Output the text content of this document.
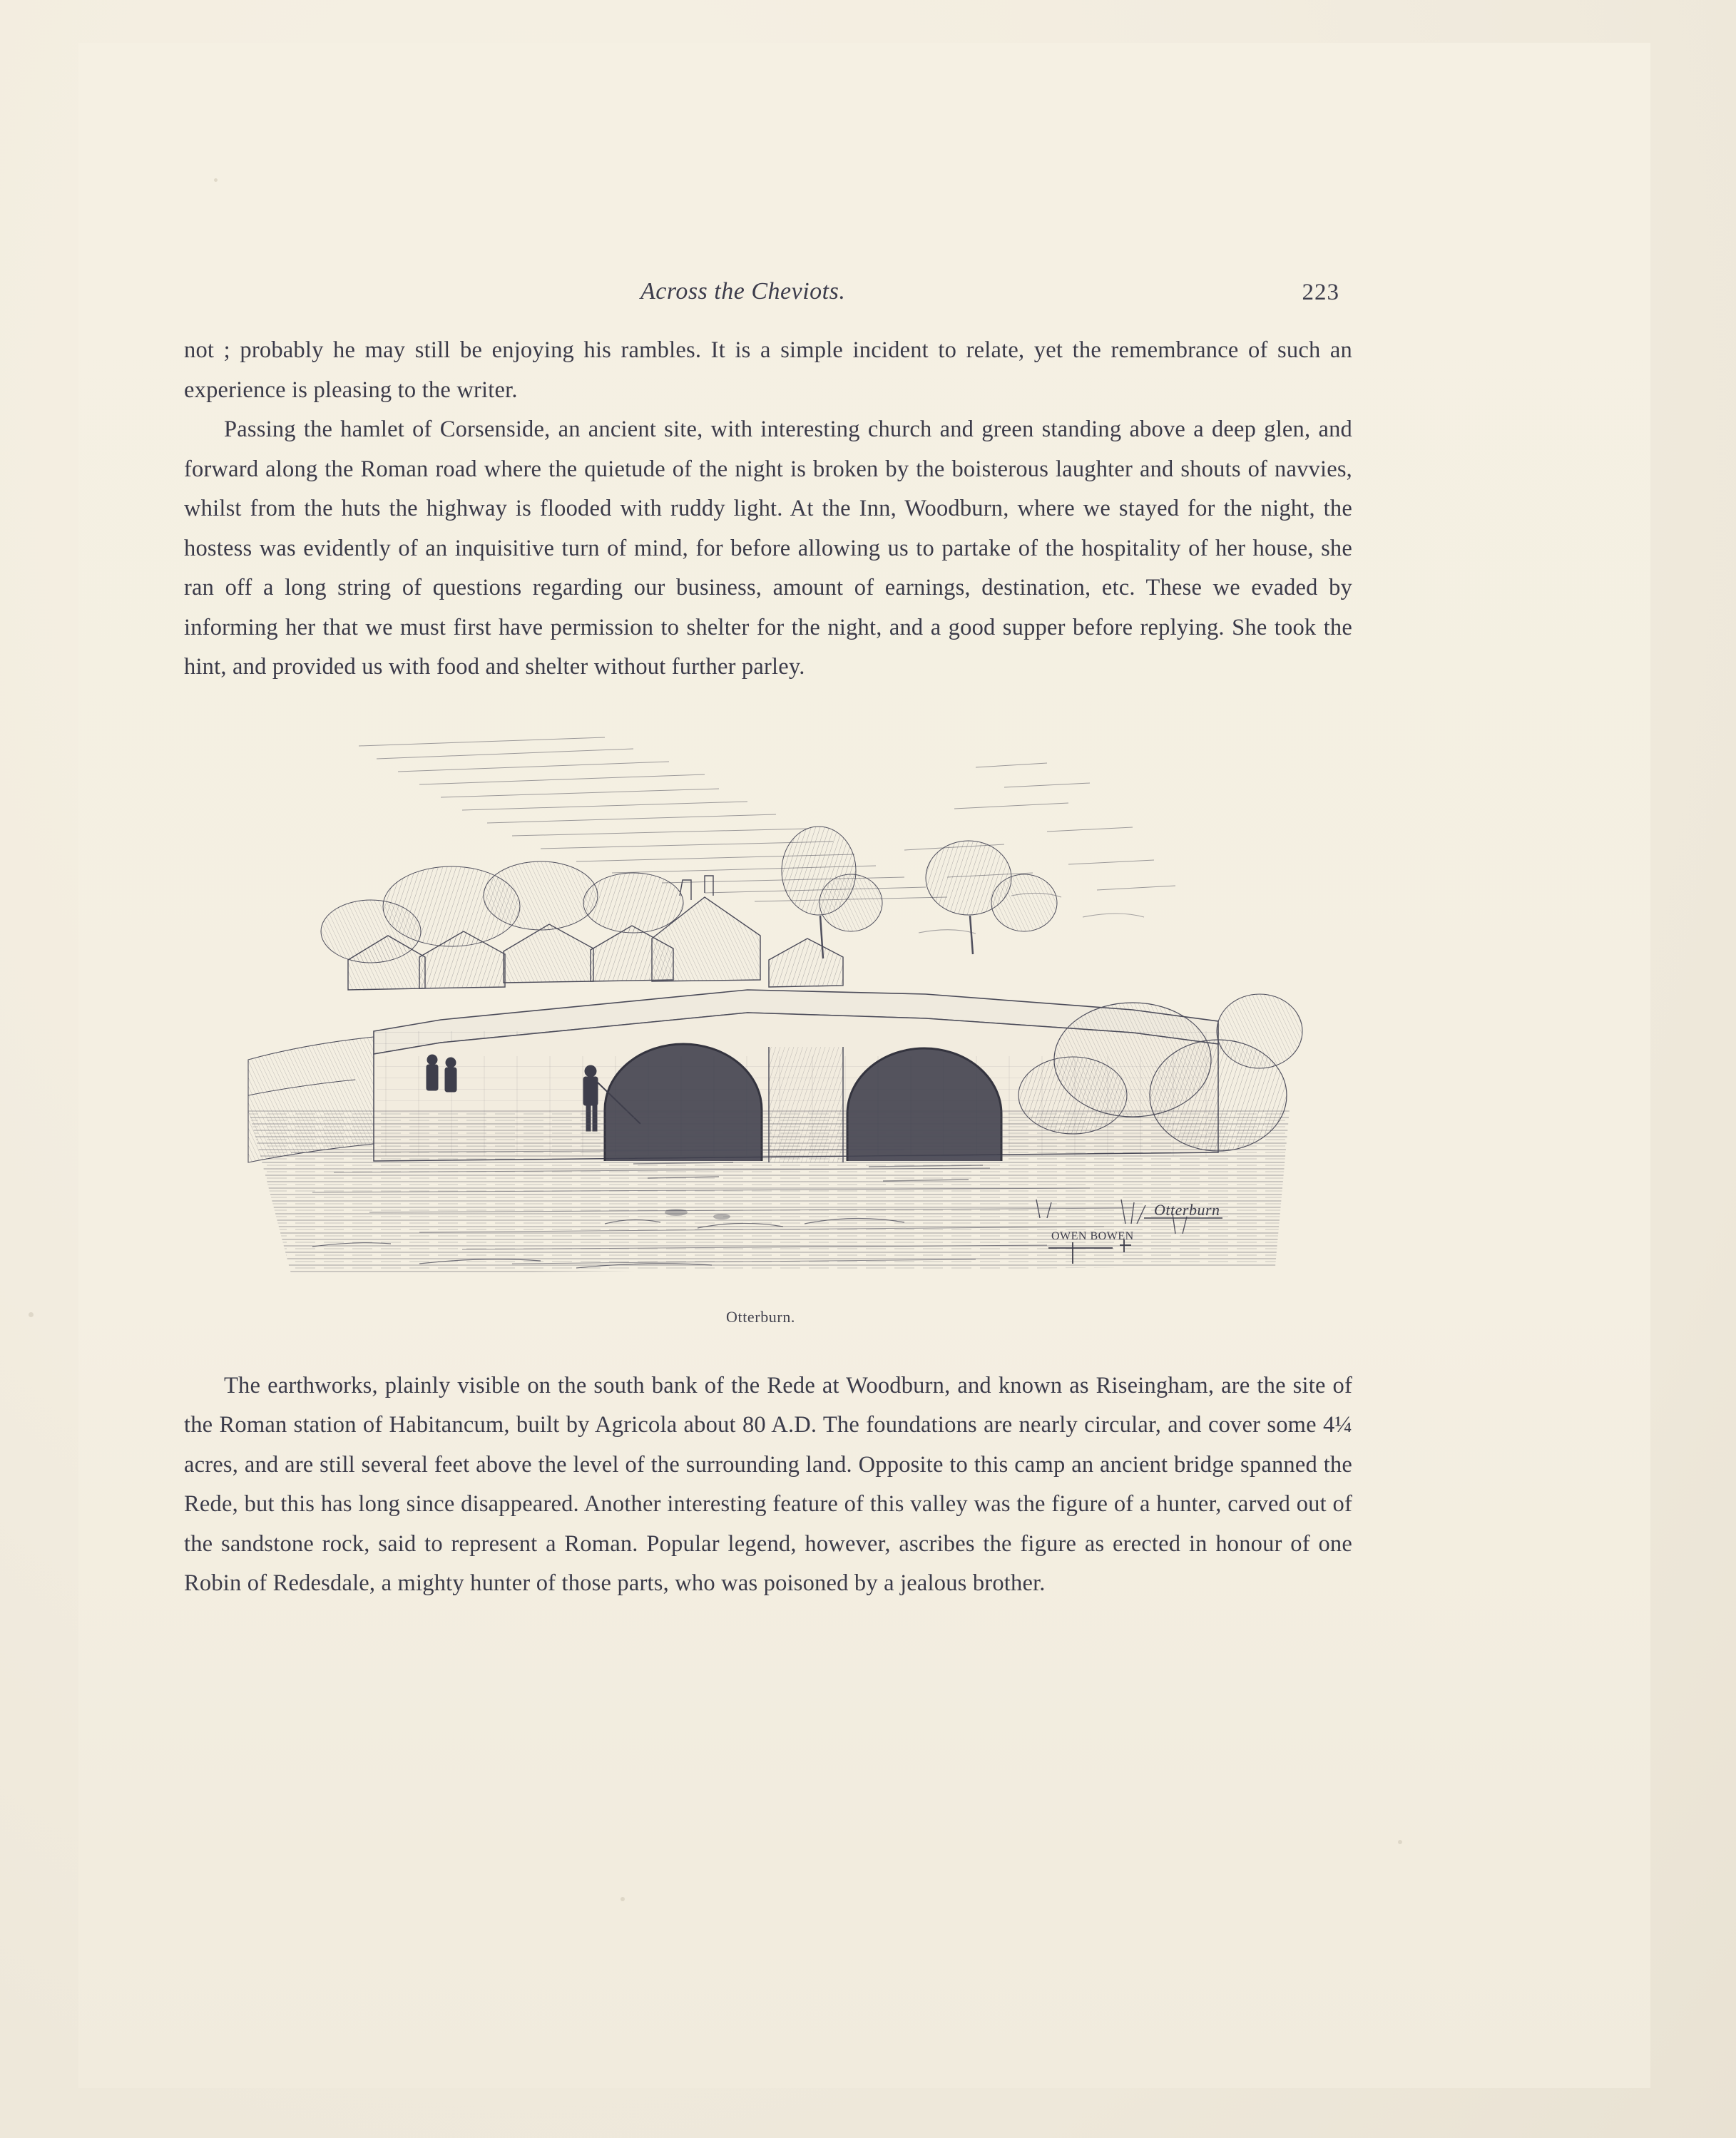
Across the Cheviots.	223

not ; probably he may still be enjoying his rambles. It is a simple incident to relate, yet the remembrance of such an experience is pleasing to the writer.

Passing the hamlet of Corsenside, an ancient site, with interesting church and green standing above a deep glen, and forward along the Roman road where the quietude of the night is broken by the boisterous laughter and shouts of navvies, whilst from the huts the highway is flooded with ruddy light. At the Inn, Woodburn, where we stayed for the night, the hostess was evidently of an inquisitive turn of mind, for before allowing us to partake of the hospitality of her house, she ran off a long string of questions regarding our business, amount of earnings, destination, etc. These we evaded by informing her that we must first have permission to shelter for the night, and a good supper before replying. She took the hint, and provided us with food and shelter without further parley.

Otterburn
OWEN BOWEN
Otterburn.

The earthworks, plainly visible on the south bank of the Rede at Woodburn, and known as Riseingham, are the site of the Roman station of Habitancum, built by Agricola about 80 A.D. The foundations are nearly circular, and cover some 4¼ acres, and are still several feet above the level of the surrounding land. Opposite to this camp an ancient bridge spanned the Rede, but this has long since disappeared. Another interesting feature of this valley was the figure of a hunter, carved out of the sandstone rock, said to represent a Roman. Popular legend, however, ascribes the figure as erected in honour of one Robin of Redesdale, a mighty hunter of those parts, who was poisoned by a jealous brother.
